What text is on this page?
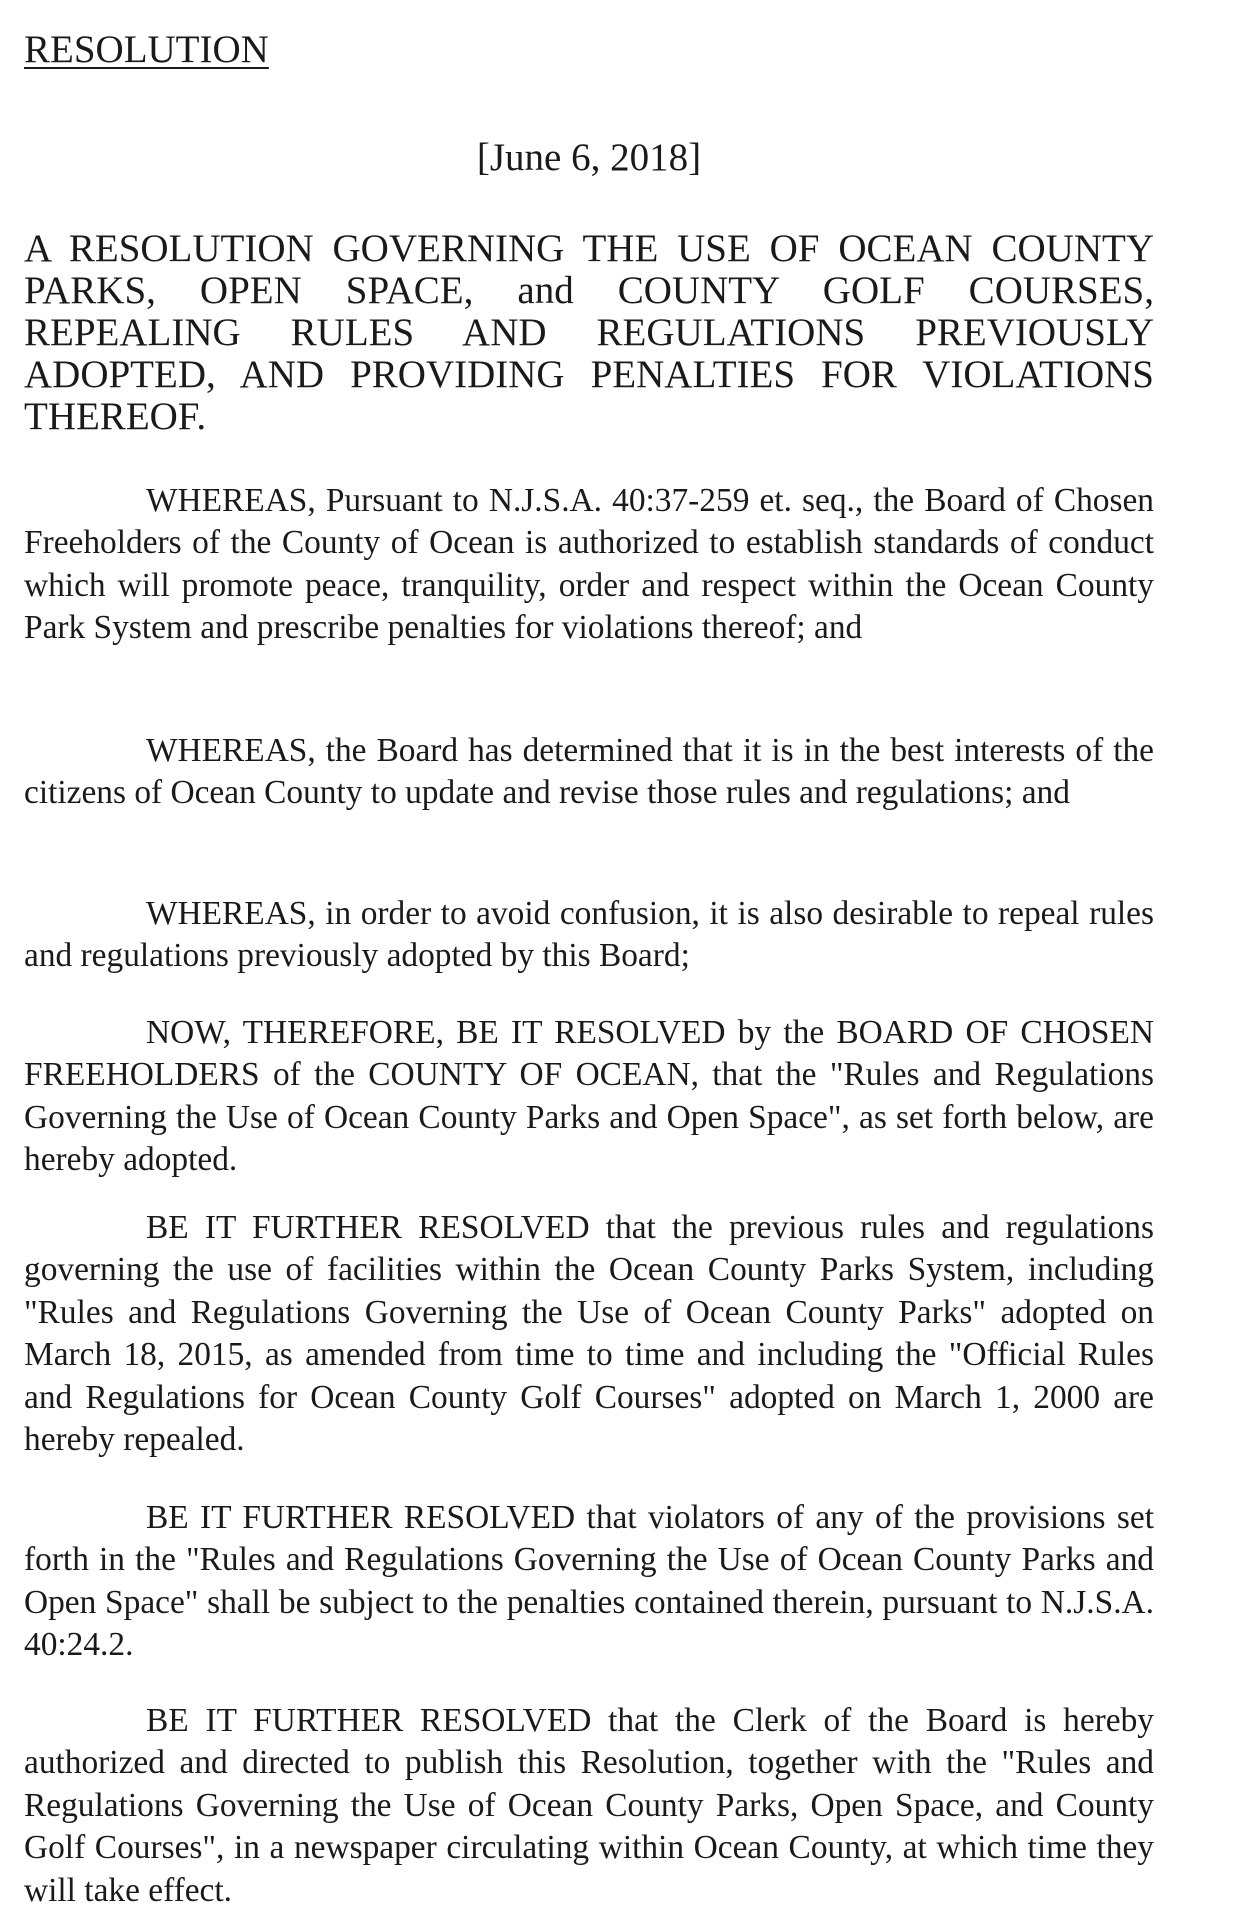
RESOLUTION
[June 6, 2018]
A RESOLUTION GOVERNING THE USE OF OCEAN COUNTY
PARKS, OPEN SPACE, and COUNTY GOLF COURSES,
REPEALING RULES AND REGULATIONS PREVIOUSLY
ADOPTED, AND PROVIDING PENALTIES FOR VIOLATIONS
THEREOF.

WHEREAS, Pursuant to N.J.S.A. 40:37-259 et. seq., the Board of Chosen Freeholders of the County of Ocean is authorized to establish standards of conduct which will promote peace, tranquility, order and respect within the Ocean County Park System and prescribe penalties for violations thereof; and

WHEREAS, the Board has determined that it is in the best interests of the citizens of Ocean County to update and revise those rules and regulations; and

WHEREAS, in order to avoid confusion, it is also desirable to repeal rules and regulations previously adopted by this Board;

NOW, THEREFORE, BE IT RESOLVED by the BOARD OF CHOSEN FREEHOLDERS of the COUNTY OF OCEAN, that the "Rules and Regulations Governing the Use of Ocean County Parks and Open Space", as set forth below, are hereby adopted.

BE IT FURTHER RESOLVED that the previous rules and regulations governing the use of facilities within the Ocean County Parks System, including "Rules and Regulations Governing the Use of Ocean County Parks" adopted on March 18, 2015, as amended from time to time and including the "Official Rules and Regulations for Ocean County Golf Courses" adopted on March 1, 2000 are hereby repealed.

BE IT FURTHER RESOLVED that violators of any of the provisions set forth in the "Rules and Regulations Governing the Use of Ocean County Parks and Open Space" shall be subject to the penalties contained therein, pursuant to N.J.S.A. 40:24.2.

BE IT FURTHER RESOLVED that the Clerk of the Board is hereby authorized and directed to publish this Resolution, together with the "Rules and Regulations Governing the Use of Ocean County Parks, Open Space, and County Golf Courses", in a newspaper circulating within Ocean County, at which time they will take effect.
